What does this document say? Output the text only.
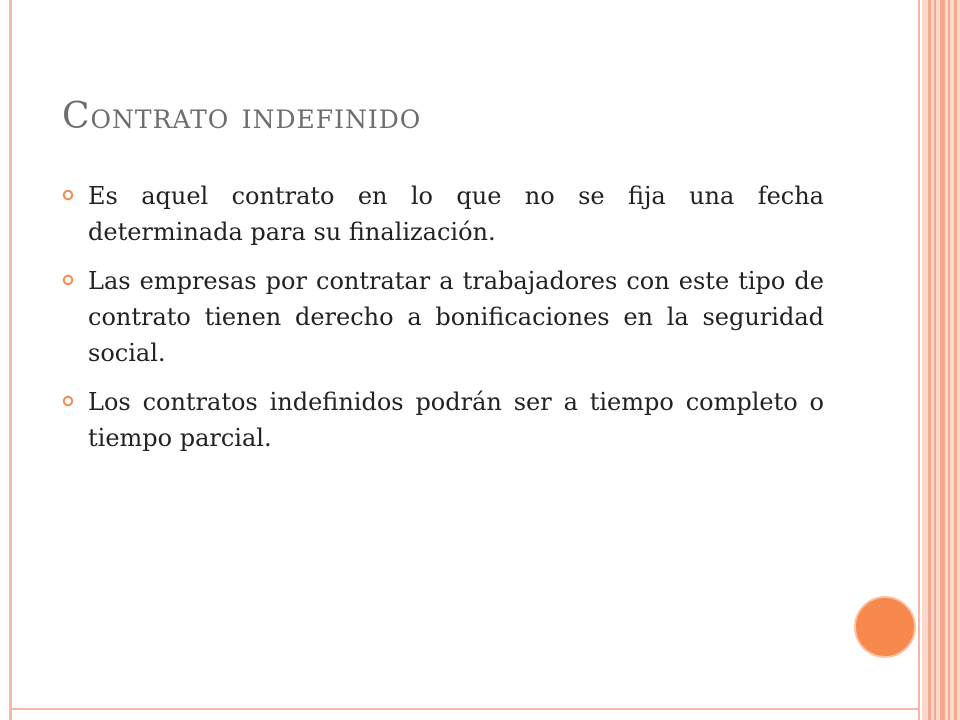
Contrato indefinido
Es aquel contrato en lo que no se fija una fecha determinada para su finalización.
Las empresas por contratar a trabajadores con este tipo de contrato tienen derecho a bonificaciones en la seguridad social.
Los contratos indefinidos podrán ser a tiempo completo o tiempo parcial.
